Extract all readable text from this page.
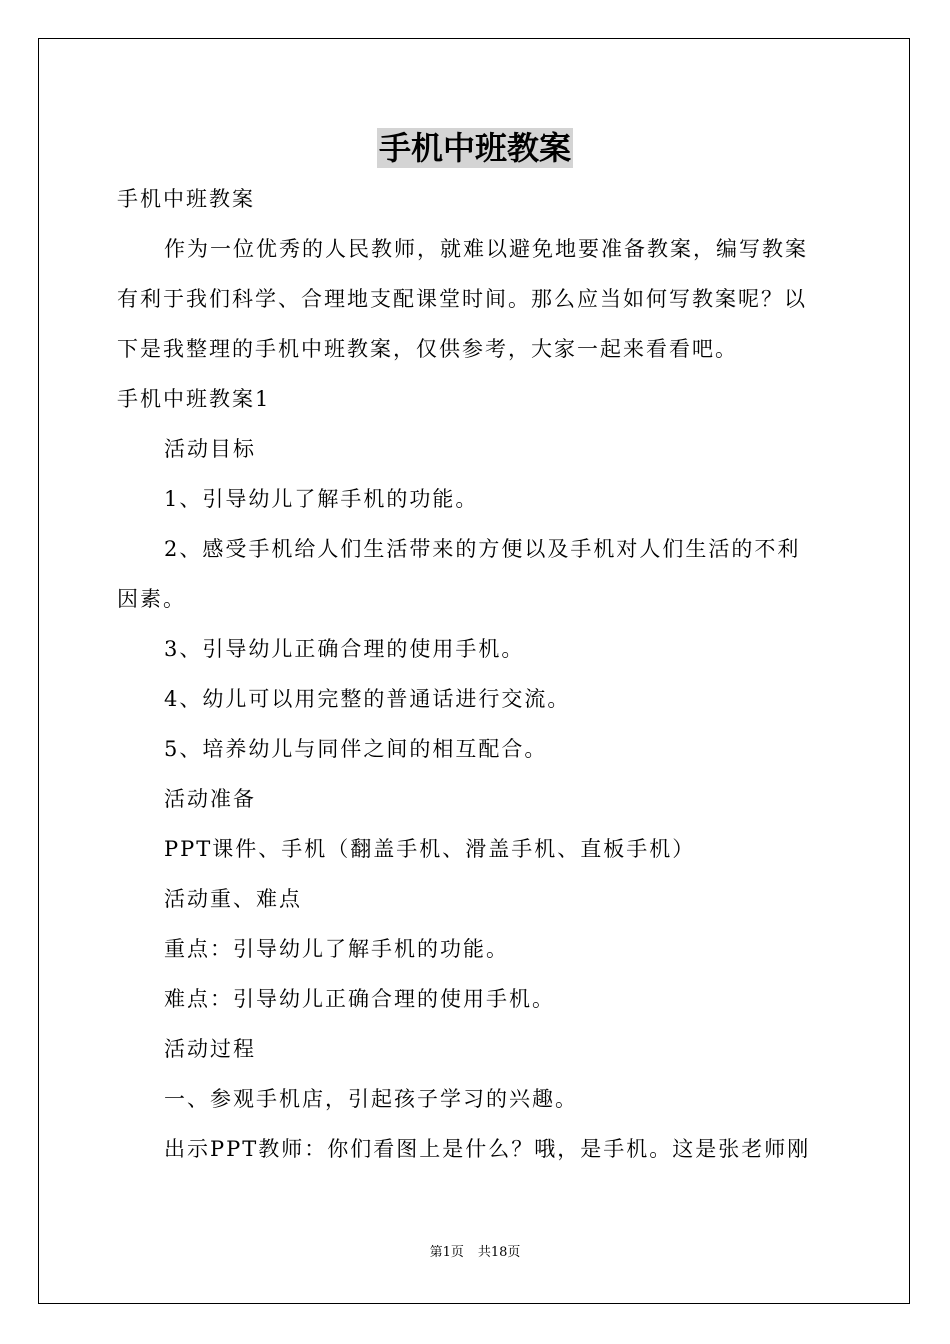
手机中班教案

手机中班教案

作为一位优秀的人民教师，就难以避免地要准备教案，编写教案

有利于我们科学、合理地支配课堂时间。那么应当如何写教案呢？以

下是我整理的手机中班教案，仅供参考，大家一起来看看吧。

手机中班教案1

活动目标

1、引导幼儿了解手机的功能。

2、感受手机给人们生活带来的方便以及手机对人们生活的不利

因素。

3、引导幼儿正确合理的使用手机。

4、幼儿可以用完整的普通话进行交流。

5、培养幼儿与同伴之间的相互配合。

活动准备

PPT课件、手机（翻盖手机、滑盖手机、直板手机）

活动重、难点

重点：引导幼儿了解手机的功能。

难点：引导幼儿正确合理的使用手机。

活动过程

一、参观手机店，引起孩子学习的兴趣。

出示PPT教师：你们看图上是什么？哦，是手机。这是张老师刚

第1页 共18页
